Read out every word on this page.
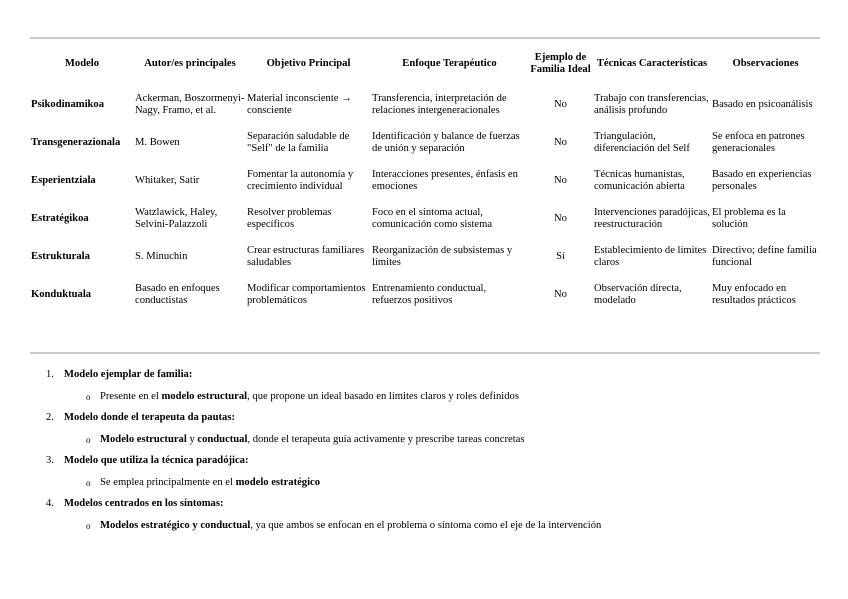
Modelo	Autor/es principales	Objetivo Principal	Enfoque Terapéutico	Ejemplo de Familia Ideal	Técnicas Características	Observaciones
Psikodinamikoa	Ackerman, Boszormenyi-Nagy, Framo, et al.	Material inconsciente → consciente	Transferencia, interpretación de relaciones intergeneracionales	No	Trabajo con transferencias, análisis profundo	Basado en psicoanálisis
Transgenerazionala	M. Bowen	Separación saludable de "Self" de la familia	Identificación y balance de fuerzas de unión y separación	No	Triangulación, diferenciación del Self	Se enfoca en patrones generacionales
Esperientziala	Whitaker, Satir	Fomentar la autonomía y crecimiento individual	Interacciones presentes, énfasis en emociones	No	Técnicas humanistas, comunicación abierta	Basado en experiencias personales
Estratégikoa	Watzlawick, Haley, Selvini-Palazzoli	Resolver problemas específicos	Foco en el síntoma actual, comunicación como sistema	No	Intervenciones paradójicas, reestructuración	El problema es la solución
Estrukturala	S. Minuchin	Crear estructuras familiares saludables	Reorganización de subsistemas y límites	Sí	Establecimiento de límites claros	Directivo; define familia funcional
Konduktuala	Basado en enfoques conductistas	Modificar comportamientos problemáticos	Entrenamiento conductual, refuerzos positivos	No	Observación directa, modelado	Muy enfocado en resultados prácticos
1. Modelo ejemplar de familia:
o Presente en el modelo estructural, que propone un ideal basado en límites claros y roles definidos
2. Modelo donde el terapeuta da pautas:
o Modelo estructural y conductual, donde el terapeuta guía activamente y prescribe tareas concretas
3. Modelo que utiliza la técnica paradójica:
o Se emplea principalmente en el modelo estratégico
4. Modelos centrados en los síntomas:
o Modelos estratégico y conductual, ya que ambos se enfocan en el problema o síntoma como el eje de la intervención
